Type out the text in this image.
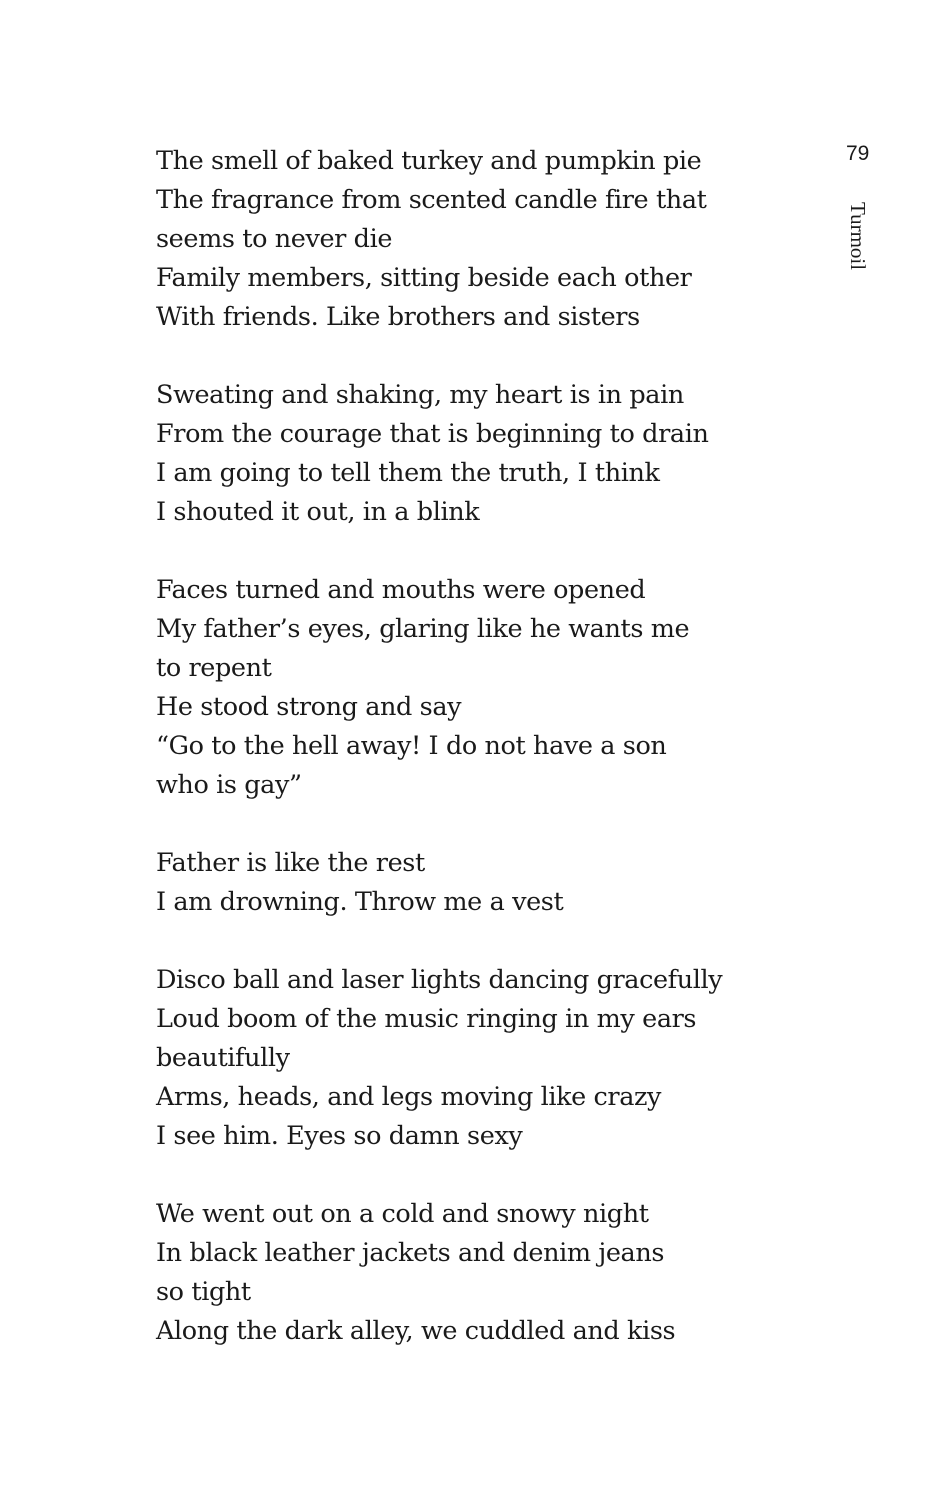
79
Turmoil
The smell of baked turkey and pumpkin pie
The fragrance from scented candle fire that
seems to never die
Family members, sitting beside each other
With friends. Like brothers and sisters
Sweating and shaking, my heart is in pain
From the courage that is beginning to drain
I am going to tell them the truth, I think
I shouted it out, in a blink
Faces turned and mouths were opened
My father’s eyes, glaring like he wants me
to repent
He stood strong and say
“Go to the hell away! I do not have a son
who is gay”
Father is like the rest
I am drowning. Throw me a vest
Disco ball and laser lights dancing gracefully
Loud boom of the music ringing in my ears
beautifully
Arms, heads, and legs moving like crazy
I see him. Eyes so damn sexy
We went out on a cold and snowy night
In black leather jackets and denim jeans
so tight
Along the dark alley, we cuddled and kiss
